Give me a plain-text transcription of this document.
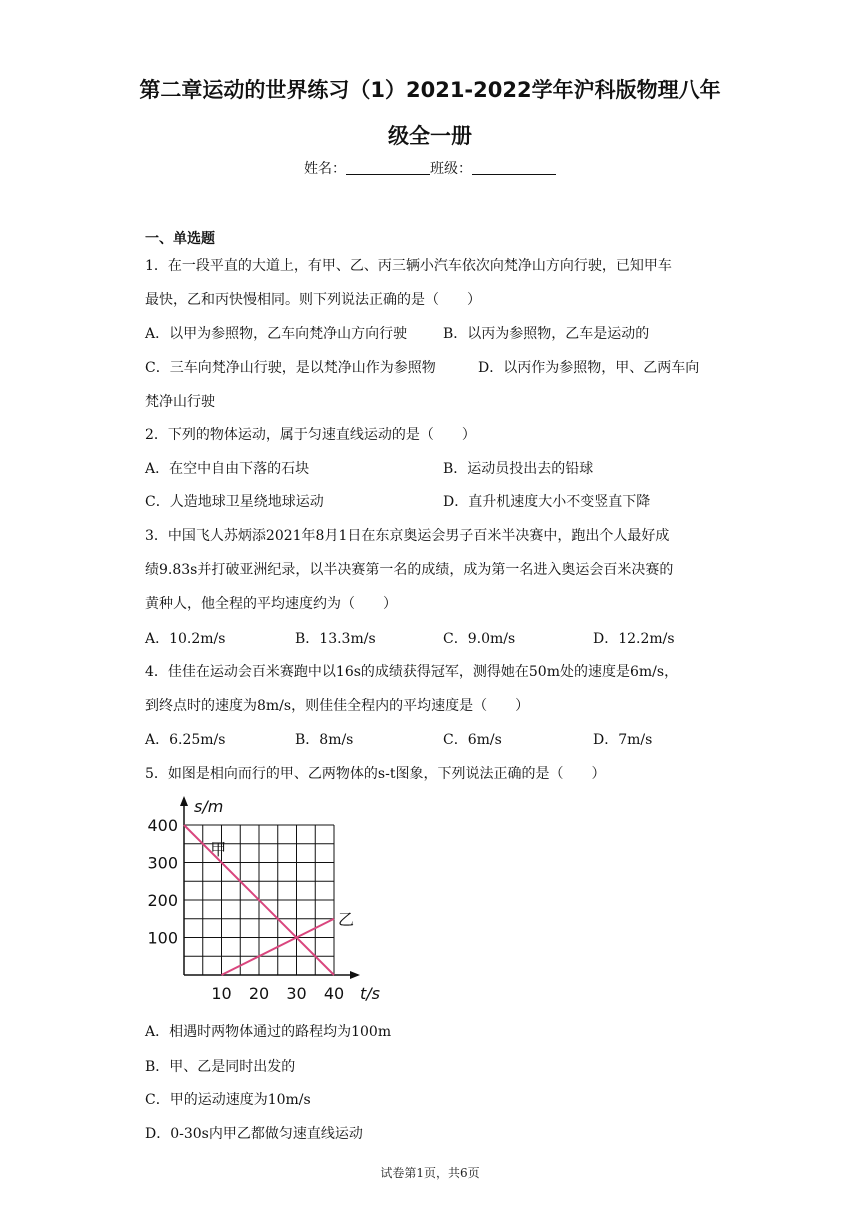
第二章运动的世界练习（1）2021-2022学年沪科版物理八年
级全一册
姓名：	班级：
一、单选题
1．在一段平直的大道上，有甲、乙、丙三辆小汽车依次向梵净山方向行驶，已知甲车
最快，乙和丙快慢相同。则下列说法正确的是（　　）
A．以甲为参照物，乙车向梵净山方向行驶	B．以丙为参照物，乙车是运动的
C．三车向梵净山行驶，是以梵净山作为参照物	D．以丙作为参照物，甲、乙两车向
梵净山行驶
2．下列的物体运动，属于匀速直线运动的是（　　）
A．在空中自由下落的石块	B．运动员投出去的铅球
C．人造地球卫星绕地球运动	D．直升机速度大小不变竖直下降
3．中国飞人苏炳添2021年8月1日在东京奥运会男子百米半决赛中，跑出个人最好成
绩9.83s并打破亚洲纪录，以半决赛第一名的成绩，成为第一名进入奥运会百米决赛的
黄种人，他全程的平均速度约为（　　）
A．10.2m/s	B．13.3m/s	C．9.0m/s	D．12.2m/s
4．佳佳在运动会百米赛跑中以16s的成绩获得冠军，测得她在50m处的速度是6m/s，
到终点时的速度为8m/s，则佳佳全程内的平均速度是（　　）
A．6.25m/s	B．8m/s	C．6m/s	D．7m/s
5．如图是相向而行的甲、乙两物体的s-t图象，下列说法正确的是（　　）
甲
乙
100
200
300
400
10 20 30 40
s/m
t/s
A．相遇时两物体通过的路程均为100m
B．甲、乙是同时出发的
C．甲的运动速度为10m/s
D．0-30s内甲乙都做匀速直线运动
试卷第1页，共6页
